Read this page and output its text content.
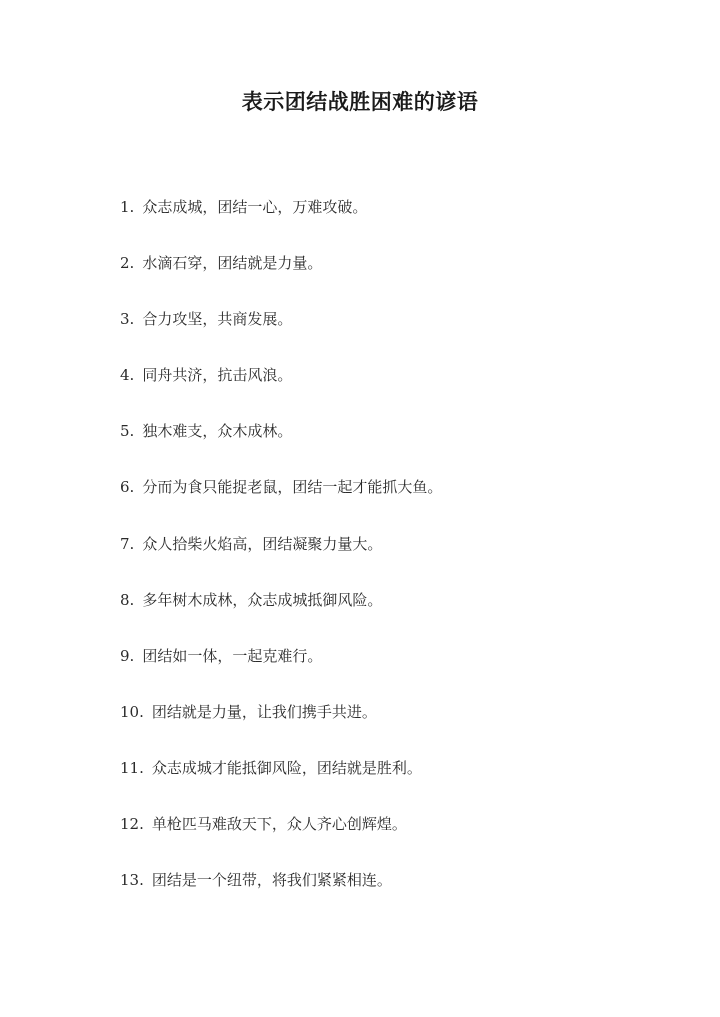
表示团结战胜困难的谚语
1. 众志成城，团结一心，万难攻破。
2. 水滴石穿，团结就是力量。
3. 合力攻坚，共商发展。
4. 同舟共济，抗击风浪。
5. 独木难支，众木成林。
6. 分而为食只能捉老鼠，团结一起才能抓大鱼。
7. 众人拾柴火焰高，团结凝聚力量大。
8. 多年树木成林，众志成城抵御风险。
9. 团结如一体，一起克难行。
10. 团结就是力量，让我们携手共进。
11. 众志成城才能抵御风险，团结就是胜利。
12. 单枪匹马难敌天下，众人齐心创辉煌。
13. 团结是一个纽带，将我们紧紧相连。
